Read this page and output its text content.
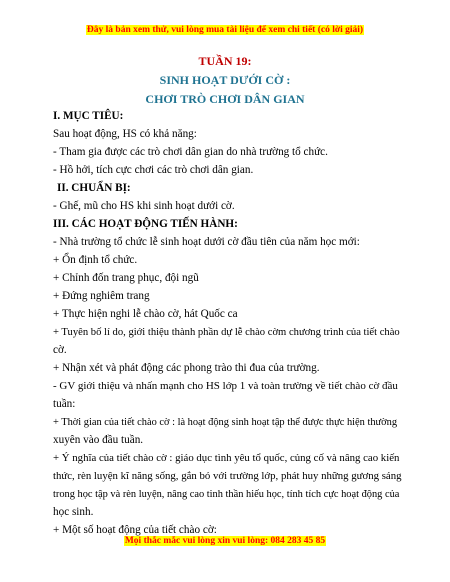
Đây là bản xem thử, vui lòng mua tài liệu để xem chi tiết (có lời giải)
TUẦN 19:
SINH HOẠT DƯỚI CỜ :
CHƠI TRÒ CHƠI DÂN GIAN
I. MỤC TIÊU:
Sau hoạt động, HS có khả năng:
- Tham gia được các trò chơi dân gian do nhà trường tổ chức.
- Hồ hởi, tích cực chơi các trò chơi dân gian.
II. CHUẨN BỊ:
- Ghế, mũ cho HS khi sinh hoạt dưới cờ.
III. CÁC HOẠT ĐỘNG TIẾN HÀNH:
- Nhà trường tổ chức lễ sinh hoạt dưới cờ đầu tiên của năm học mới:
+ Ổn định tổ chức.
+ Chỉnh đốn trang phục, đội ngũ
+ Đứng nghiêm trang
+ Thực hiện nghi lễ chào cờ, hát Quốc ca
+ Tuyên bố lí do, giới thiệu thành phần dự lễ chào cờm chương trình của tiết chào
cờ.
+ Nhận xét và phát động các phong trào thi đua của trường.
- GV giới thiệu và nhấn mạnh cho HS lớp 1 và toàn trường về tiết chào cờ đầu
tuần:
+ Thời gian của tiết chào cờ : là hoạt động sinh hoạt tập thể được thực hiện thường
xuyên vào đầu tuần.
+ Ý nghĩa của tiết chào cờ : giáo dục tình yêu tổ quốc, củng cố và nâng cao kiến
thức, rèn luyện kĩ năng sống, gắn bó với trường lớp, phát huy những gương sáng
trong học tập và rèn luyện, nâng cao tinh thần hiếu học, tính tích cực hoạt động của
học sinh.
+ Một số hoạt động của tiết chào cờ:
Mọi thắc mắc vui lòng xin vui lòng: 084 283 45 85
